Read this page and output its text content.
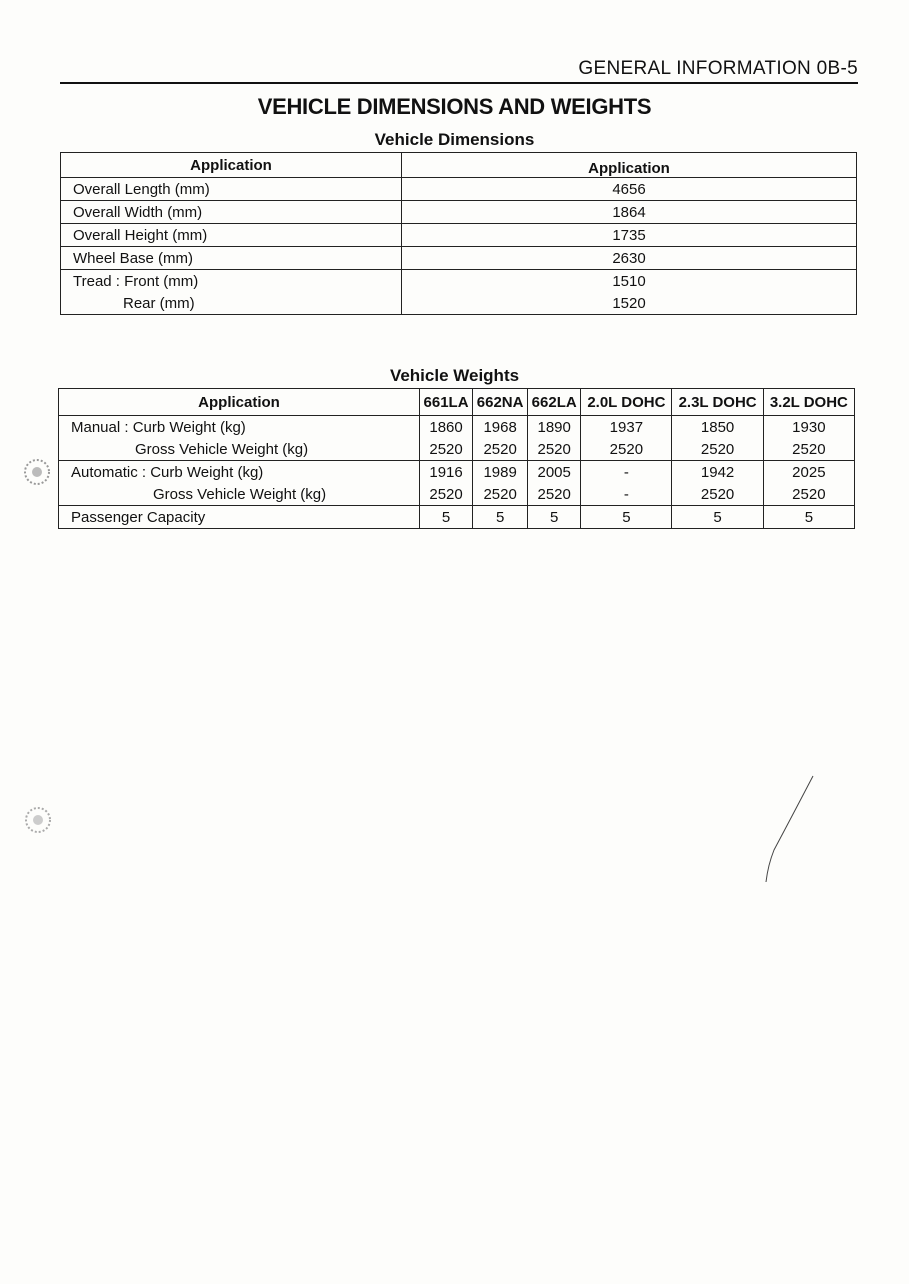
GENERAL INFORMATION 0B-5
VEHICLE DIMENSIONS AND WEIGHTS
Vehicle Dimensions
Application	Application
Overall Length (mm)	4656
Overall Width (mm)	1864
Overall Height (mm)	1735
Wheel Base (mm)	2630
Tread : Front (mm)	1510
Rear (mm)	1520
Vehicle Weights
Application	661LA	662NA	662LA	2.0L DOHC	2.3L DOHC	3.2L DOHC
Manual : Curb Weight (kg)	1860	1968	1890	1937	1850	1930
Gross Vehicle Weight (kg)	2520	2520	2520	2520	2520	2520
Automatic : Curb Weight (kg)	1916	1989	2005	-	1942	2025
Gross Vehicle Weight (kg)	2520	2520	2520	-	2520	2520
Passenger Capacity	5	5	5	5	5	5
